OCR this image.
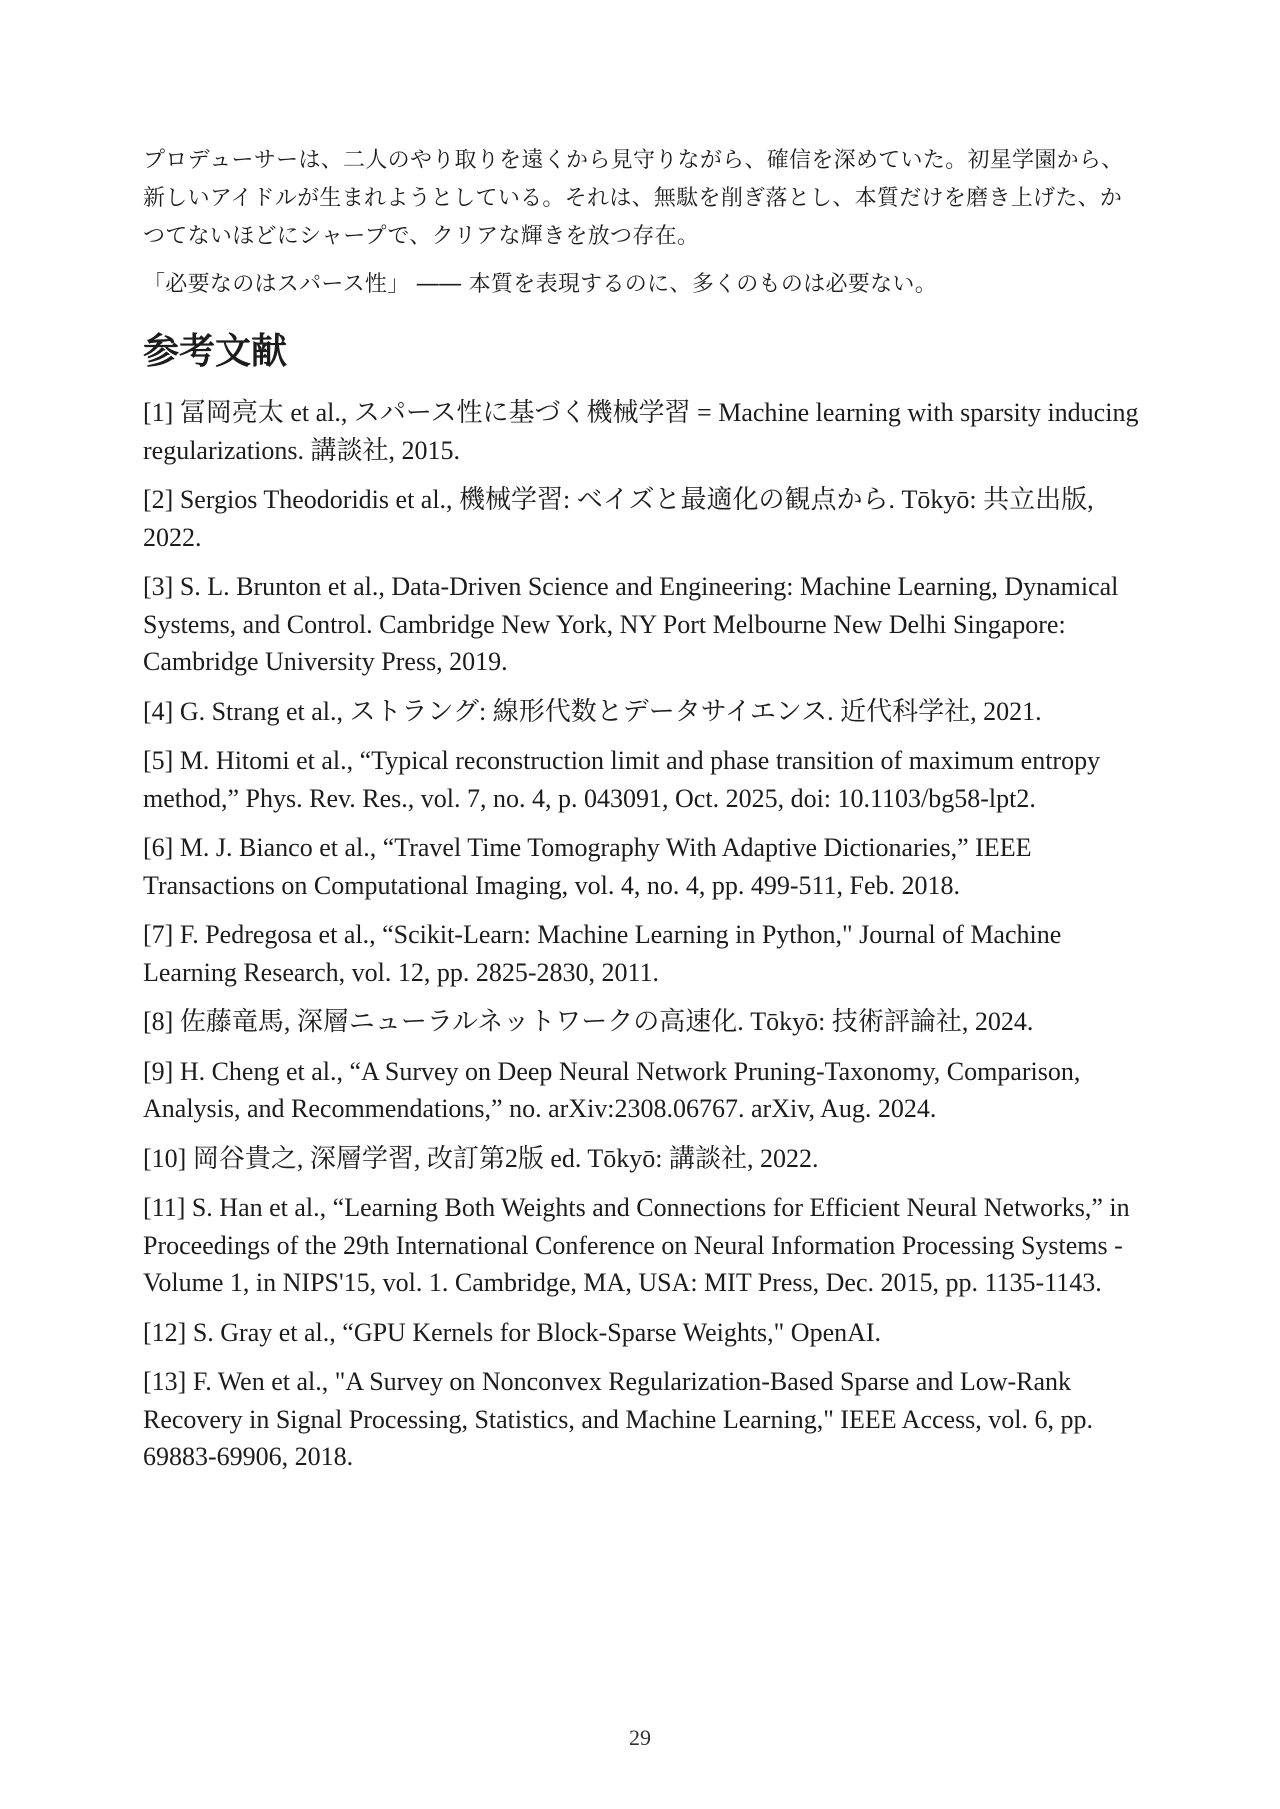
プロデューサーは、二人のやり取りを遠くから見守りながら、確信を深めていた。初星学園から、新しいアイドルが生まれようとしている。それは、無駄を削ぎ落とし、本質だけを磨き上げた、かつてないほどにシャープで、クリアな輝きを放つ存在。

「必要なのはスパース性」 ―― 本質を表現するのに、多くのものは必要ない。

参考文献
[1] 冨岡亮太 et al., スパース性に基づく機械学習 = Machine learning with sparsity inducing regularizations. 講談社, 2015.
[2] Sergios Theodoridis et al., 機械学習: ベイズと最適化の観点から. Tōkyō: 共立出版, 2022.
[3] S. L. Brunton et al., Data-Driven Science and Engineering: Machine Learning, Dynamical Systems, and Control. Cambridge New York, NY Port Melbourne New Delhi Singapore: Cambridge University Press, 2019.
[4] G. Strang et al., ストラング: 線形代数とデータサイエンス. 近代科学社, 2021.
[5] M. Hitomi et al., “Typical reconstruction limit and phase transition of maximum entropy method,” Phys. Rev. Res., vol. 7, no. 4, p. 043091, Oct. 2025, doi: 10.1103/bg58-lpt2.
[6] M. J. Bianco et al., “Travel Time Tomography With Adaptive Dictionaries,” IEEE Transactions on Computational Imaging, vol. 4, no. 4, pp. 499-511, Feb. 2018.
[7] F. Pedregosa et al., “Scikit-Learn: Machine Learning in Python," Journal of Machine Learning Research, vol. 12, pp. 2825-2830, 2011.
[8] 佐藤竜馬, 深層ニューラルネットワークの高速化. Tōkyō: 技術評論社, 2024.
[9] H. Cheng et al., “A Survey on Deep Neural Network Pruning-Taxonomy, Comparison, Analysis, and Recommendations,” no. arXiv:2308.06767. arXiv, Aug. 2024.
[10] 岡谷貴之, 深層学習, 改訂第2版 ed. Tōkyō: 講談社, 2022.
[11] S. Han et al., “Learning Both Weights and Connections for Efficient Neural Networks,” in Proceedings of the 29th International Conference on Neural Information Processing Systems - Volume 1, in NIPS'15, vol. 1. Cambridge, MA, USA: MIT Press, Dec. 2015, pp. 1135-1143.
[12] S. Gray et al., “GPU Kernels for Block-Sparse Weights," OpenAI.
[13] F. Wen et al., "A Survey on Nonconvex Regularization-Based Sparse and Low-Rank Recovery in Signal Processing, Statistics, and Machine Learning," IEEE Access, vol. 6, pp. 69883-69906, 2018.
29
